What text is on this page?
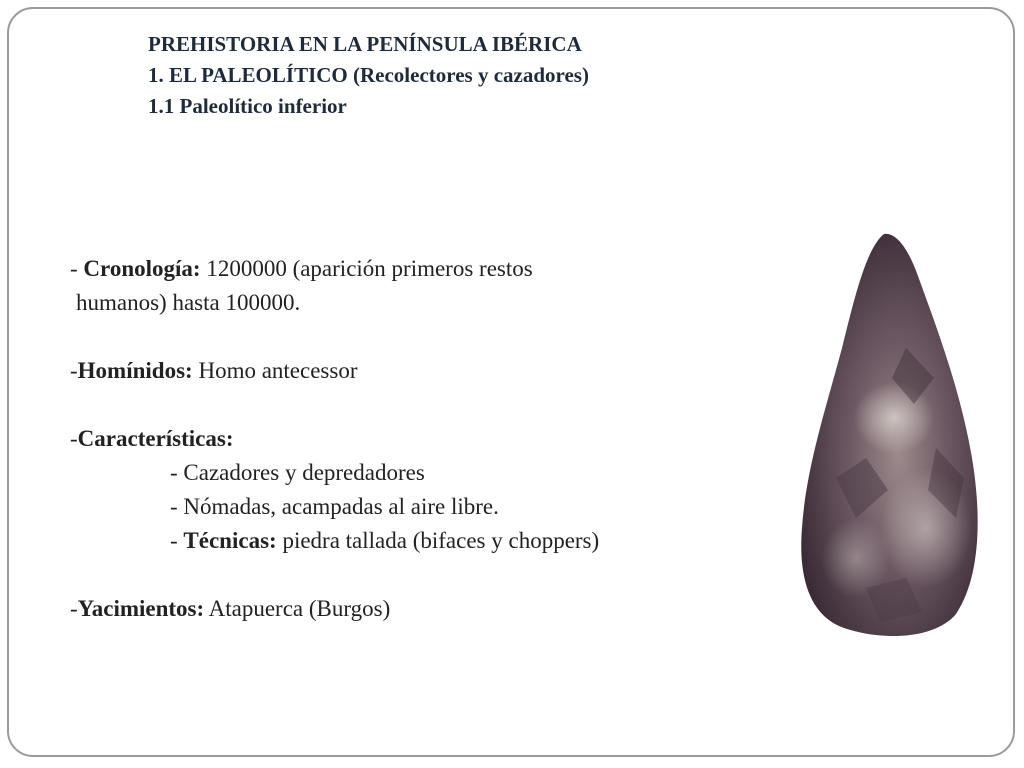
PREHISTORIA EN LA PENÍNSULA IBÉRICA
1. EL PALEOLÍTICO (Recolectores y cazadores)
1.1 Paleolítico inferior
- Cronología: 1200000 (aparición primeros restos
humanos) hasta 100000.
-Homínidos: Homo antecessor
-Características:
- Cazadores y depredadores
- Nómadas, acampadas al aire libre.
- Técnicas: piedra tallada (bifaces y choppers)
-Yacimientos: Atapuerca (Burgos)
